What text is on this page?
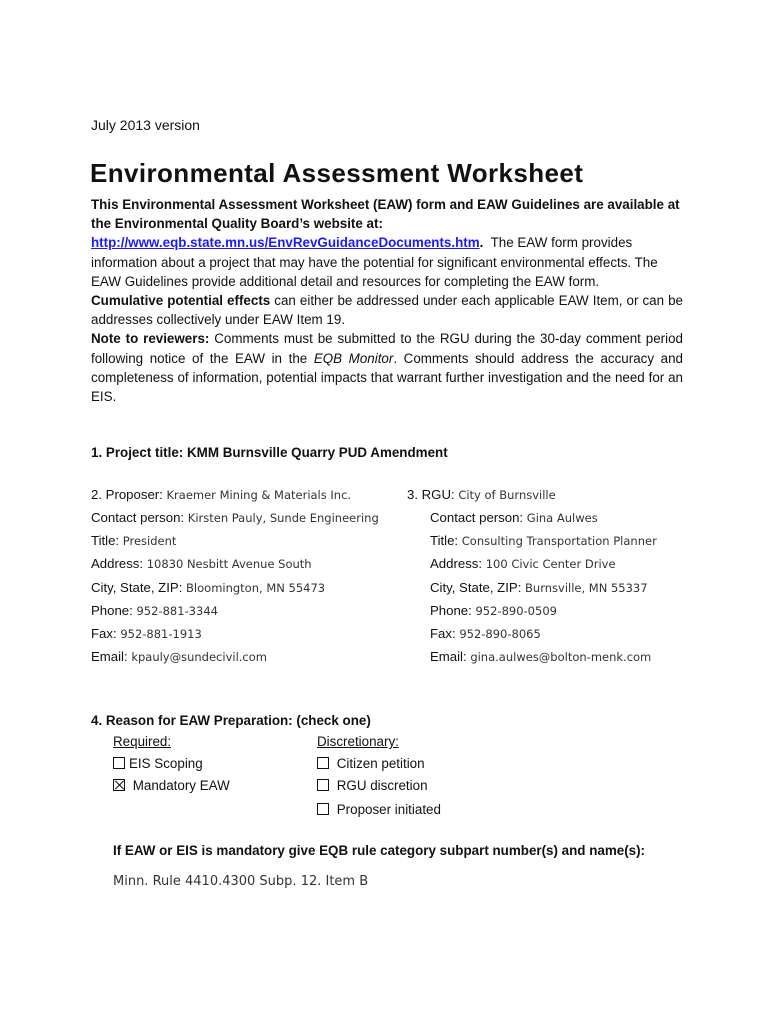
July 2013 version
Environmental Assessment Worksheet

This Environmental Assessment Worksheet (EAW) form and EAW Guidelines are available at the Environmental Quality Board’s website at:
http://www.eqb.state.mn.us/EnvRevGuidanceDocuments.htm. The EAW form provides information about a project that may have the potential for significant environmental effects. The EAW Guidelines provide additional detail and resources for completing the EAW form.

Cumulative potential effects can either be addressed under each applicable EAW Item, or can be addresses collectively under EAW Item 19.

Note to reviewers: Comments must be submitted to the RGU during the 30-day comment period following notice of the EAW in the EQB Monitor. Comments should address the accuracy and completeness of information, potential impacts that warrant further investigation and the need for an EIS.

1. Project title: KMM Burnsville Quarry PUD Amendment
2. Proposer: Kraemer Mining & Materials Inc.
Contact person: Kirsten Pauly, Sunde Engineering
Title: President
Address: 10830 Nesbitt Avenue South
City, State, ZIP: Bloomington, MN 55473
Phone: 952-881-3344
Fax: 952-881-1913
Email: kpauly@sundecivil.com
3. RGU: City of Burnsville
Contact person: Gina Aulwes
Title: Consulting Transportation Planner
Address: 100 Civic Center Drive
City, State, ZIP: Burnsville, MN 55337
Phone: 952-890-0509
Fax: 952-890-8065
Email: gina.aulwes@bolton-menk.com
4. Reason for EAW Preparation: (check one)
Required:	Discretionary:
EIS Scoping
Mandatory EAW
Citizen petition
RGU discretion
Proposer initiated
If EAW or EIS is mandatory give EQB rule category subpart number(s) and name(s):
Minn. Rule 4410.4300 Subp. 12. Item B
